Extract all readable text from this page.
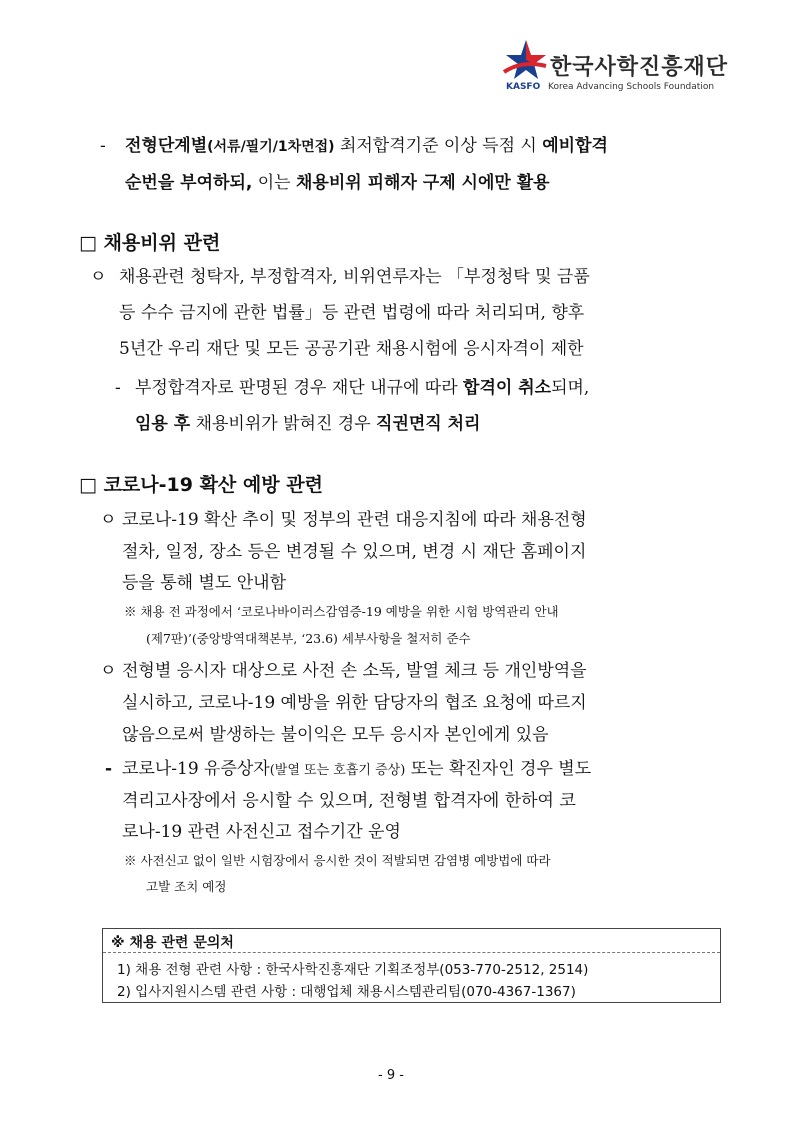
한국사학진흥재단
KASFO Korea Advancing Schools Foundation
- 전형단계별(서류/필기/1차면접) 최저합격기준 이상 득점 시 예비합격
순번을 부여하되, 이는 채용비위 피해자 구제 시에만 활용
□ 채용비위 관련
ㅇ 채용관련 청탁자, 부정합격자, 비위연루자는 「부정청탁 및 금품
등 수수 금지에 관한 법률」등 관련 법령에 따라 처리되며, 향후
5년간 우리 재단 및 모든 공공기관 채용시험에 응시자격이 제한
- 부정합격자로 판명된 경우 재단 내규에 따라 합격이 취소되며,
임용 후 채용비위가 밝혀진 경우 직권면직 처리
□ 코로나-19 확산 예방 관련
ㅇ 코로나-19 확산 추이 및 정부의 관련 대응지침에 따라 채용전형
절차, 일정, 장소 등은 변경될 수 있으며, 변경 시 재단 홈페이지
등을 통해 별도 안내함
※ 채용 전 과정에서 ‘코로나바이러스감염증-19 예방을 위한 시험 방역관리 안내
(제7판)’(중앙방역대책본부, ‘23.6) 세부사항을 철저히 준수
ㅇ 전형별 응시자 대상으로 사전 손 소독, 발열 체크 등 개인방역을
실시하고, 코로나-19 예방을 위한 담당자의 협조 요청에 따르지
않음으로써 발생하는 불이익은 모두 응시자 본인에게 있음
- 코로나-19 유증상자(발열 또는 호흡기 증상) 또는 확진자인 경우 별도
격리고사장에서 응시할 수 있으며, 전형별 합격자에 한하여 코
로나-19 관련 사전신고 접수기간 운영
※ 사전신고 없이 일반 시험장에서 응시한 것이 적발되면 감염병 예방법에 따라
고발 조치 예정
※ 채용 관련 문의처
1) 채용 전형 관련 사항 : 한국사학진흥재단 기획조정부(053-770-2512, 2514)
2) 입사지원시스템 관련 사항 : 대행업체 채용시스템관리팀(070-4367-1367)
- 9 -
